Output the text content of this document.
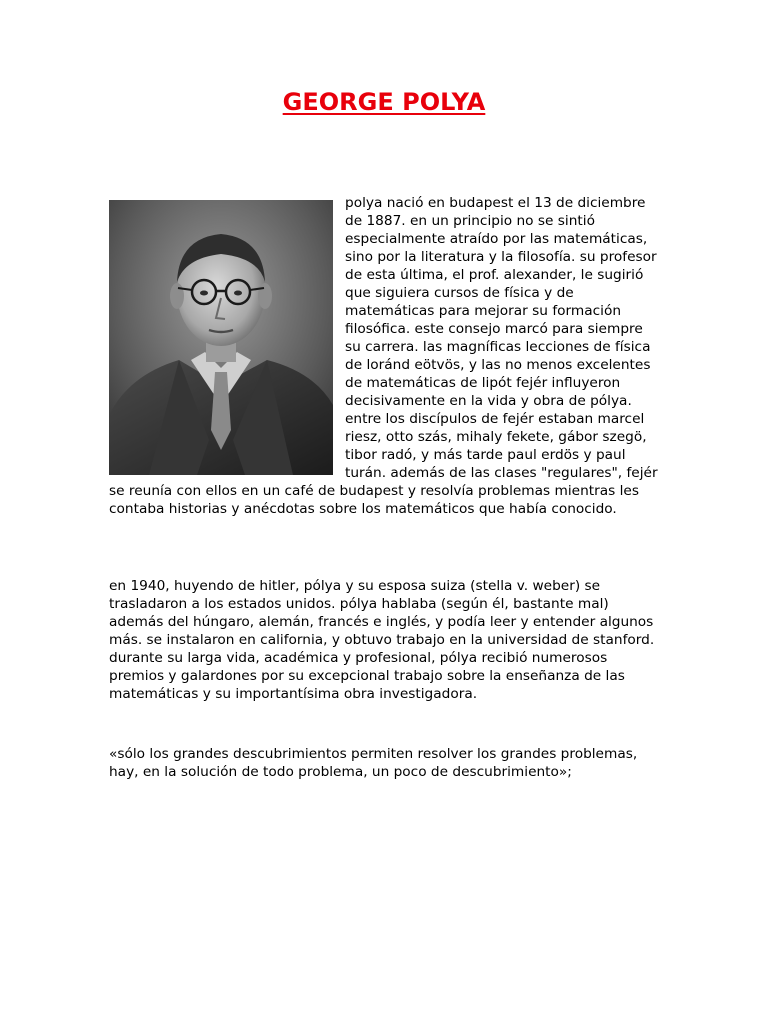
GEORGE POLYA

polya nació en budapest el 13 de diciembre de 1887. en un principio no se sintió especialmente atraído por las matemáticas, sino por la literatura y la filosofía. su profesor de esta última, el prof. alexander, le sugirió que siguiera cursos de física y de matemáticas para mejorar su formación filosófica. este consejo marcó para siempre su carrera. las magníficas lecciones de física de loránd eötvös, y las no menos excelentes de matemáticas de lipót fejér influyeron decisivamente en la vida y obra de pólya. entre los discípulos de fejér estaban marcel riesz, otto szás, mihaly fekete, gábor szegö, tibor radó, y más tarde paul erdös y paul turán. además de las clases "regulares", fejér se reunía con ellos en un café de budapest y resolvía problemas mientras les contaba historias y anécdotas sobre los matemáticos que había conocido.

en 1940, huyendo de hitler, pólya y su esposa suiza (stella v. weber) se trasladaron a los estados unidos. pólya hablaba (según él, bastante mal) además del húngaro, alemán, francés e inglés, y podía leer y entender algunos más. se instalaron en california, y obtuvo trabajo en la universidad de stanford. durante su larga vida, académica y profesional, pólya recibió numerosos premios y galardones por su excepcional trabajo sobre la enseñanza de las matemáticas y su importantísima obra investigadora.

«sólo los grandes descubrimientos permiten resolver los grandes problemas, hay, en la solución de todo problema, un poco de descubrimiento»;
